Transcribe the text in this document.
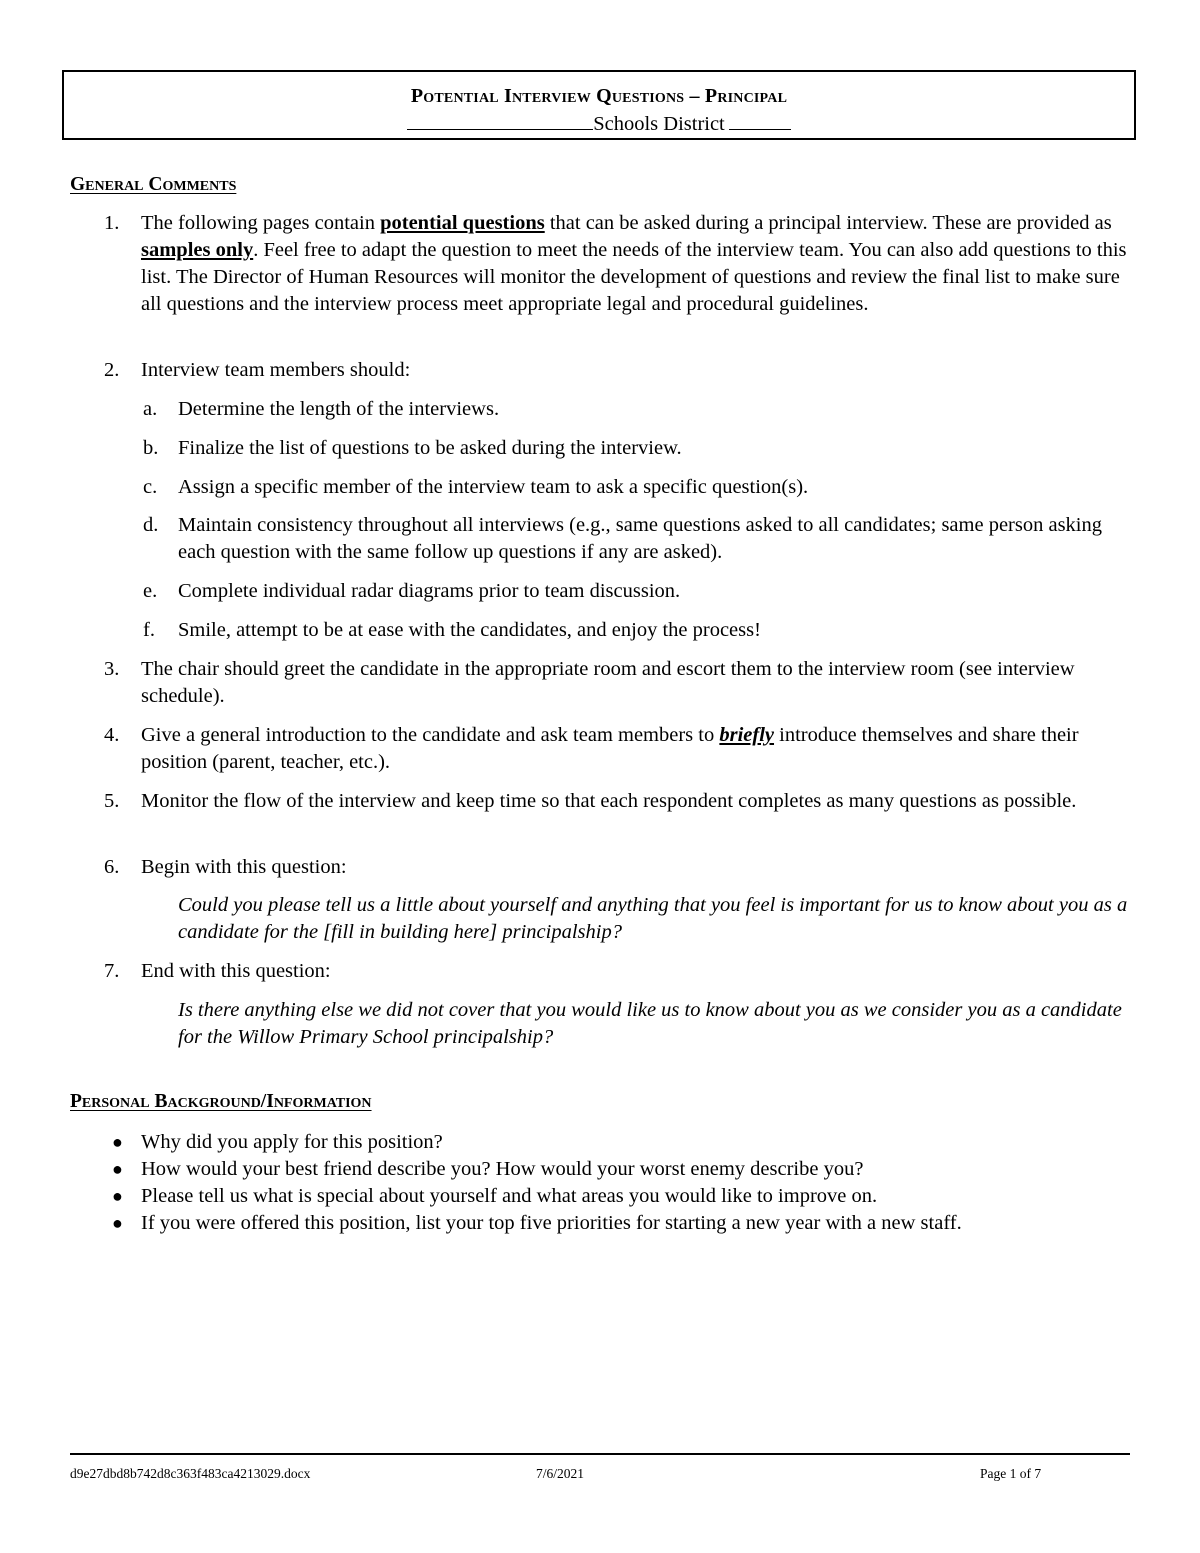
Potential Interview Questions – Principal
Schools District
General Comments
1.	The following pages contain potential questions that can be asked during a principal interview. These are provided as samples only. Feel free to adapt the question to meet the needs of the interview team. You can also add questions to this list. The Director of Human Resources will monitor the development of questions and review the final list to make sure all questions and the interview process meet appropriate legal and procedural guidelines.
2.	Interview team members should:
a.	Determine the length of the interviews.
b. Finalize the list of questions to be asked during the interview.
c.	Assign a specific member of the interview team to ask a specific question(s).
d. Maintain consistency throughout all interviews (e.g., same questions asked to all candidates; same person asking each question with the same follow up questions if any are asked).
e.	Complete individual radar diagrams prior to team discussion.
f.	Smile, attempt to be at ease with the candidates, and enjoy the process!
3.	The chair should greet the candidate in the appropriate room and escort them to the interview room (see interview schedule).
4.	Give a general introduction to the candidate and ask team members to briefly introduce themselves and share their position (parent, teacher, etc.).
5.	Monitor the flow of the interview and keep time so that each respondent completes as many questions as possible.
6.	Begin with this question:
Could you please tell us a little about yourself and anything that you feel is important for us to know about you as a candidate for the [fill in building here] principalship?
7.	End with this question:
Is there anything else we did not cover that you would like us to know about you as we consider you as a candidate for the Willow Primary School principalship?
Personal Background/Information
● Why did you apply for this position?
● How would your best friend describe you? How would your worst enemy describe you?
● Please tell us what is special about yourself and what areas you would like to improve on.
● If you were offered this position, list your top five priorities for starting a new year with a new staff.
d9e27dbd8b742d8c363f483ca4213029.docx	7/6/2021	Page 1 of 7
